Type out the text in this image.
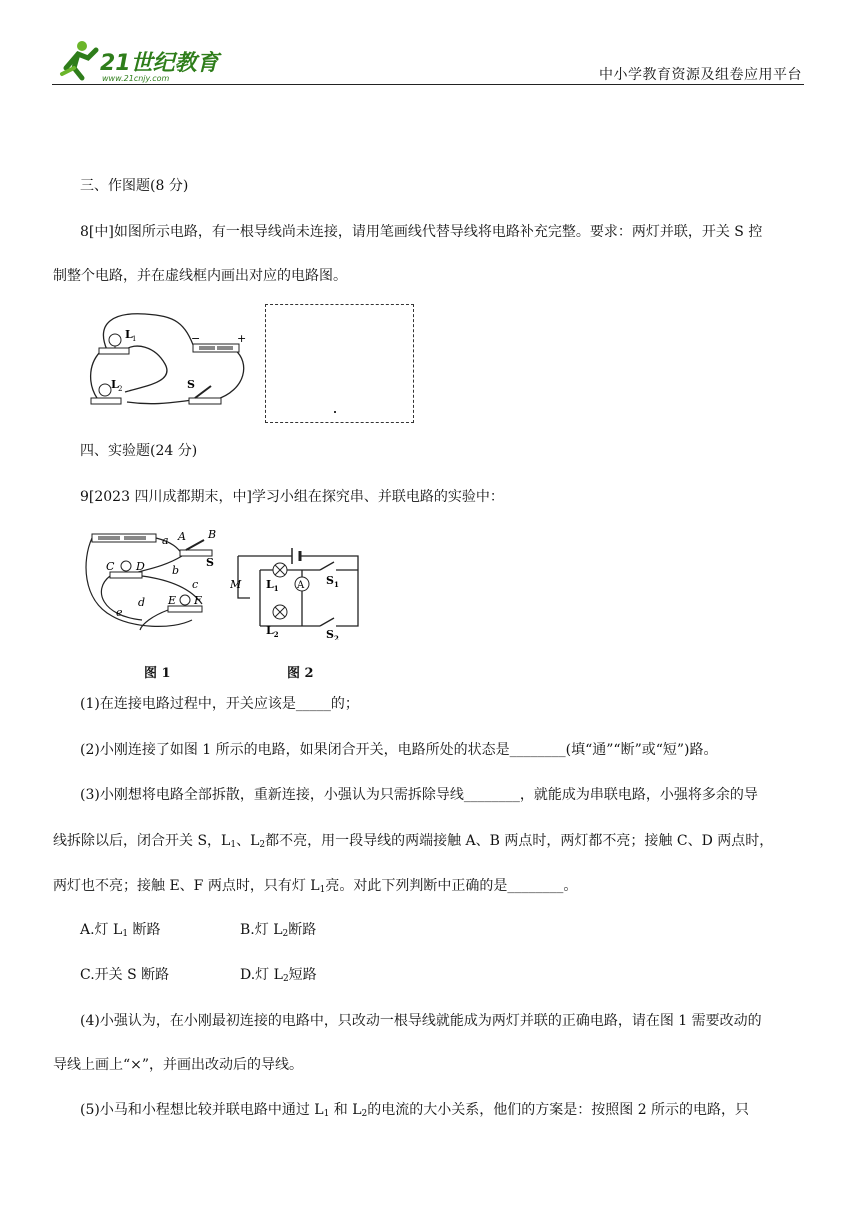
21世纪教育
www.21cnjy.com	中小学教育资源及组卷应用平台
三、作图题(8 分)
8[中]如图所示电路，有一根导线尚未连接，请用笔画线代替导线将电路补充完整。要求：两灯并联，开关 S 控
制整个电路，并在虚线框内画出对应的电路图。
L 1	−	+
L 2	S
四、实验题(24 分)
9[2023 四川成都期末，中]学习小组在探究串、并联电路的实验中：
A B
a
S
C D b
c
E F
d
e
A
M $L_1$
$L_2$
$S_1$
$S_2$
图 1	图 2
(1)在连接电路过程中，开关应该是_____的；
(2)小刚连接了如图 1 所示的电路，如果闭合开关，电路所处的状态是________(填“通”“断”或“短”)路。
(3)小刚想将电路全部拆散，重新连接，小强认为只需拆除导线________，就能成为串联电路，小强将多余的导
线拆除以后，闭合开关 S，$L_1$、$L_2$都不亮，用一段导线的两端接触 A、B 两点时，两灯都不亮；接触 C、D 两点时，
两灯也不亮；接触 E、F 两点时，只有灯 $L_1$亮。对此下列判断中正确的是________。
A.灯 $L_1$ 断路	B.灯 $L_2$断路
C.开关 S 断路	D.灯 $L_2$短路
(4)小强认为，在小刚最初连接的电路中，只改动一根导线就能成为两灯并联的正确电路，请在图 1 需要改动的
导线上画上“×”，并画出改动后的导线。
(5)小马和小程想比较并联电路中通过 $L_1$ 和 $L_2$的电流的大小关系，他们的方案是：按照图 2 所示的电路，只
